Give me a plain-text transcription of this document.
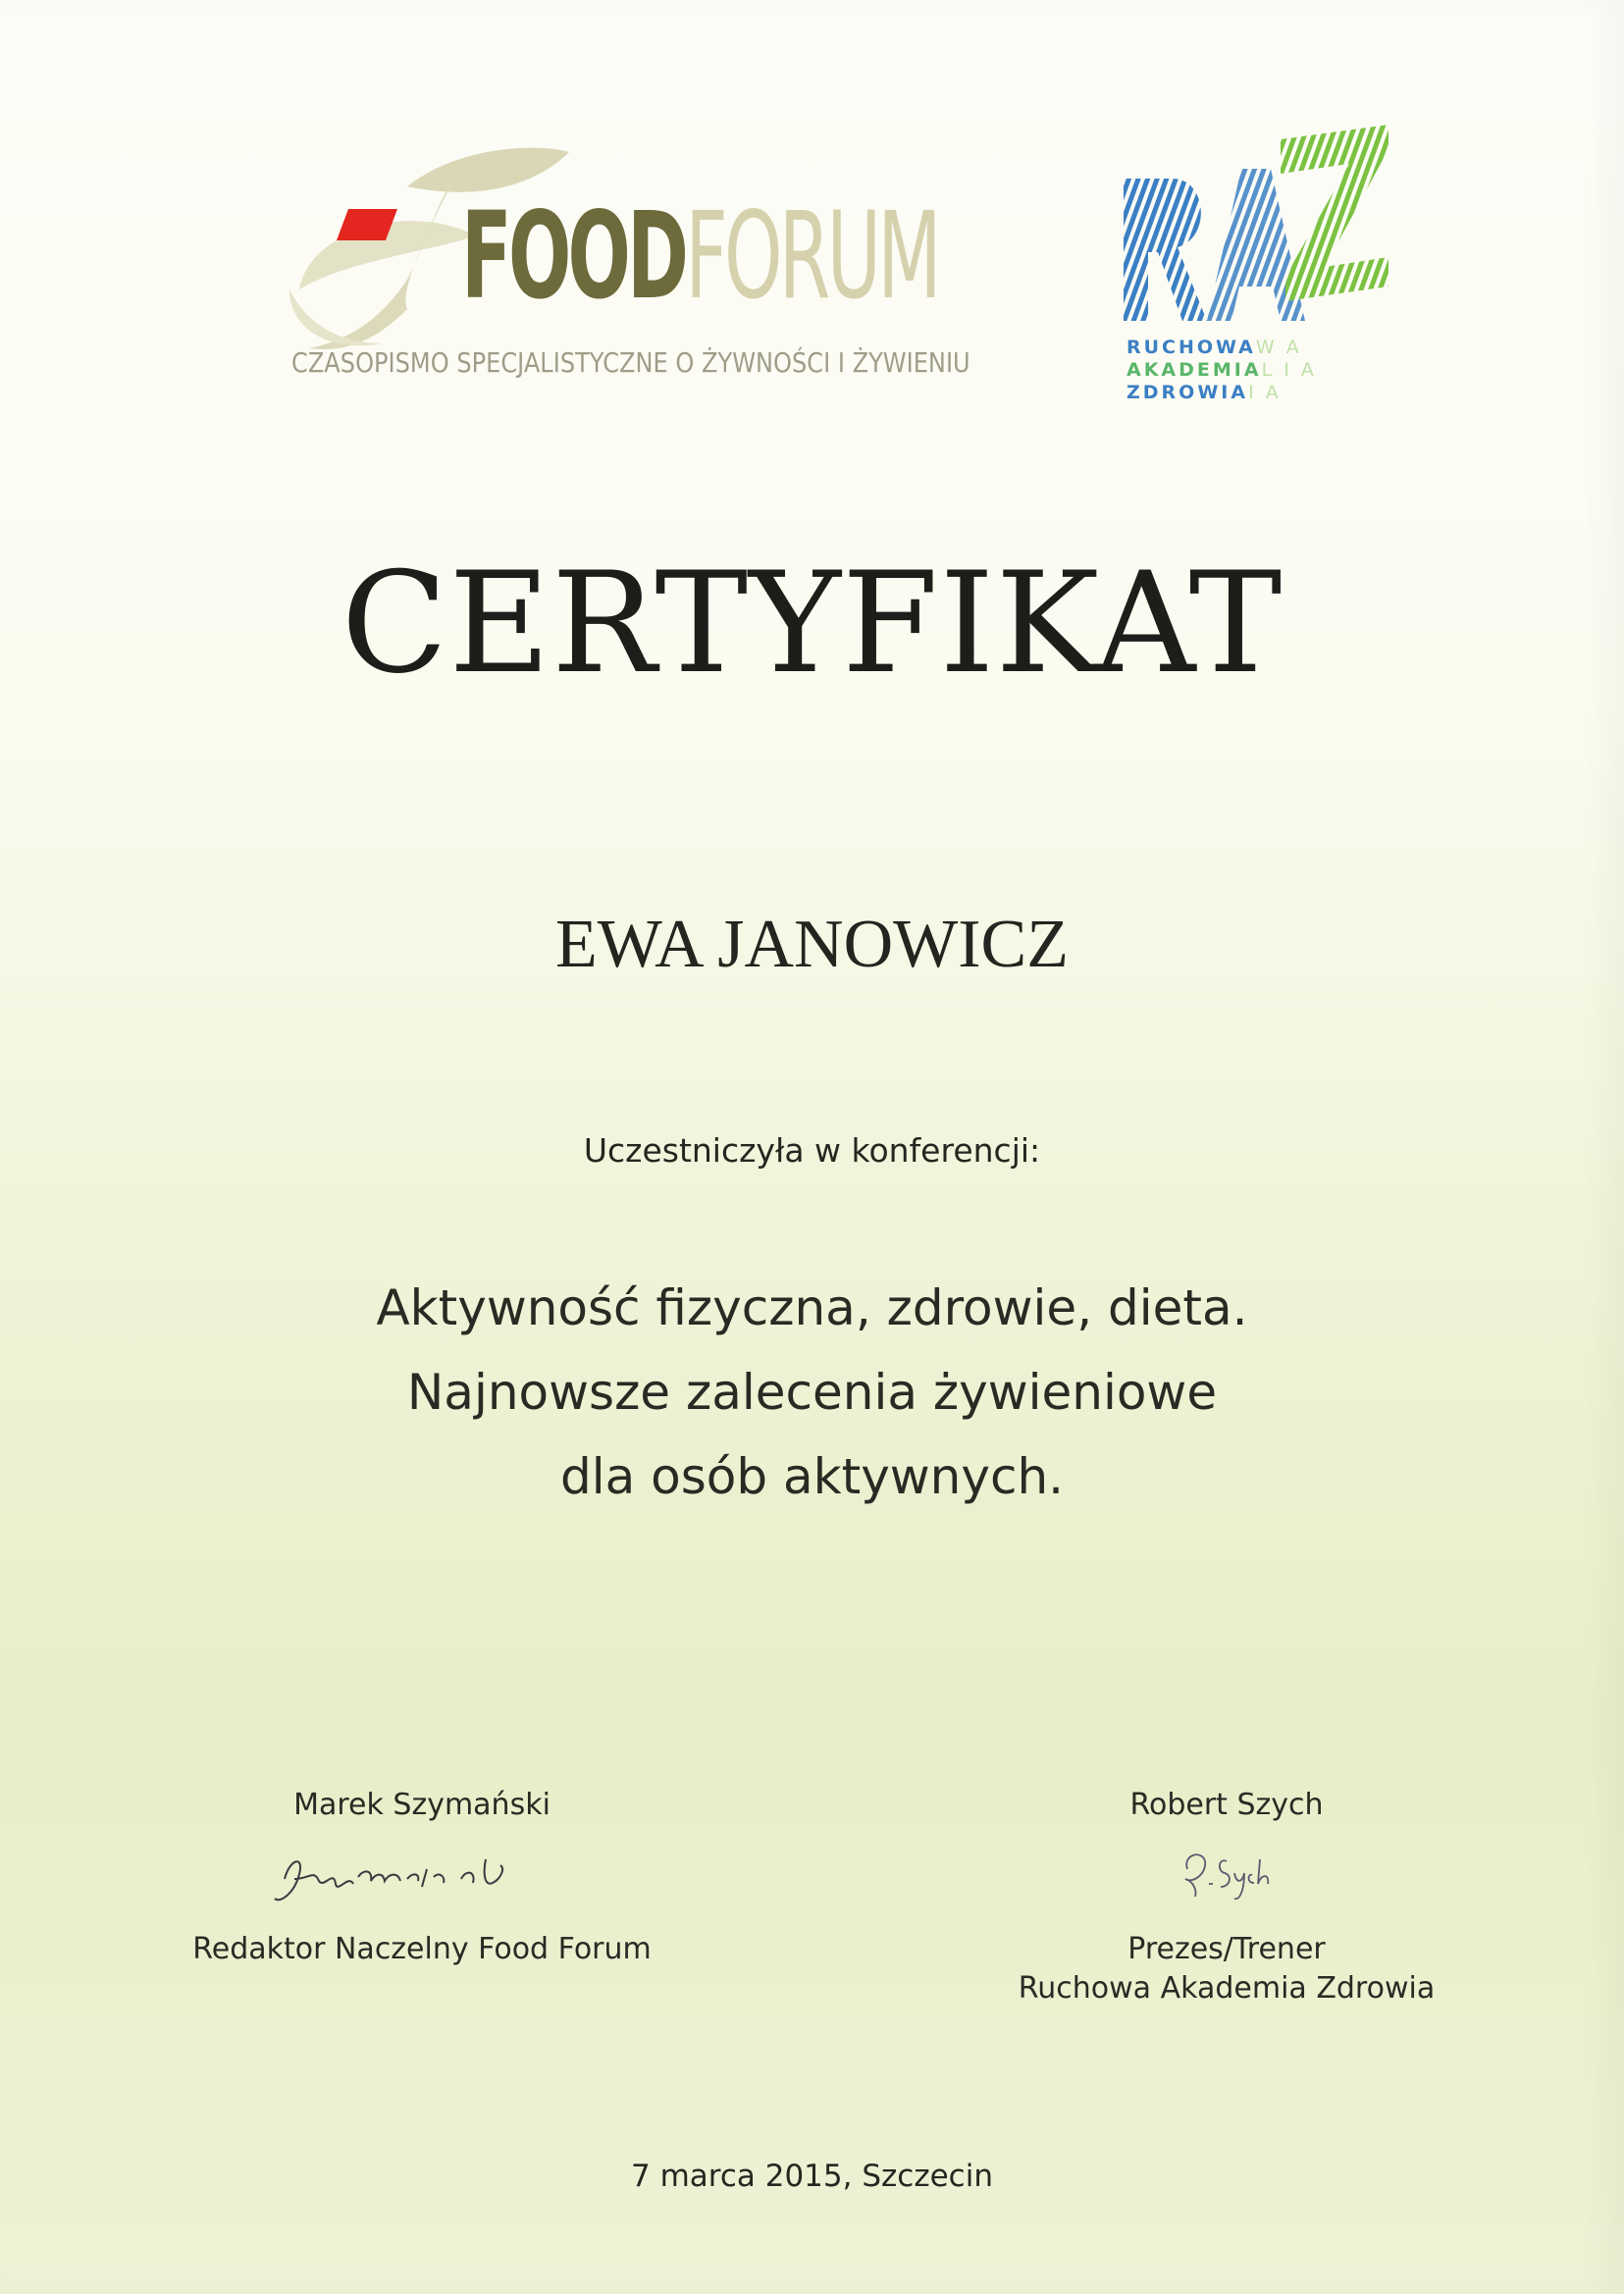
FOODFORUM
CZASOPISMO SPECJALISTYCZNE O ŻYWNOŚCI I ŻYWIENIU	RUCHOWAW A
AKADEMIAL I A
ZDROWIAI A
CERTYFIKAT
EWA JANOWICZ
Uczestniczyła w konferencji:
Aktywność fizyczna, zdrowie, dieta.
Najnowsze zalecenia żywieniowe
dla osób aktywnych.
Marek Szymański
Redaktor Naczelny Food Forum
Robert Szych
Prezes/Trener
Ruchowa Akademia Zdrowia
7 marca 2015, Szczecin
